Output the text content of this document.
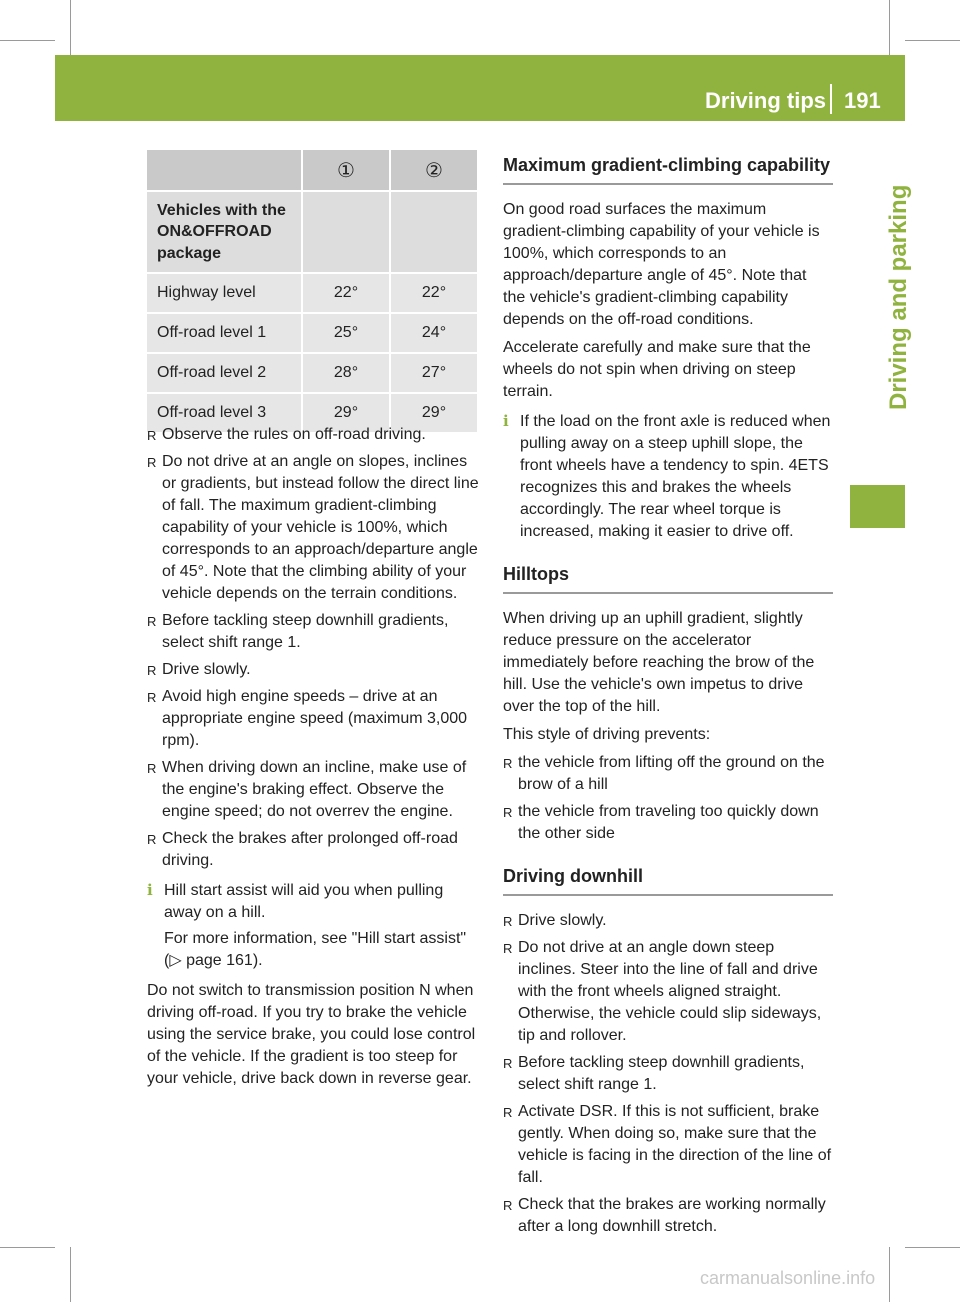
Driving tips 191
Driving and parking
	①	②
Vehicles with the ON&OFFROAD package		
Highway level	22°	22°
Off-road level 1	25°	24°
Off-road level 2	28°	27°
Off-road level 3	29°	29°
R Observe the rules on off-road driving.
R Do not drive at an angle on slopes, inclines or gradients, but instead follow the direct line of fall. The maximum gradient-climbing capability of your vehicle is 100%, which corresponds to an approach/departure angle of 45°. Note that the climbing ability of your vehicle depends on the terrain conditions.
R Before tackling steep downhill gradients, select shift range 1.
R Drive slowly.
R Avoid high engine speeds – drive at an appropriate engine speed (maximum 3,000 rpm).
R When driving down an incline, make use of the engine's braking effect. Observe the engine speed; do not overrev the engine.
R Check the brakes after prolonged off-road driving.
i Hill start assist will aid you when pulling away on a hill.
For more information, see "Hill start assist" (▷ page 161).
Do not switch to transmission position N when driving off-road. If you try to brake the vehicle using the service brake, you could lose control of the vehicle. If the gradient is too steep for your vehicle, drive back down in reverse gear.
Maximum gradient-climbing capability
On good road surfaces the maximum gradient-climbing capability of your vehicle is 100%, which corresponds to an approach/departure angle of 45°. Note that the vehicle's gradient-climbing capability depends on the off-road conditions.
Accelerate carefully and make sure that the wheels do not spin when driving on steep terrain.
i If the load on the front axle is reduced when pulling away on a steep uphill slope, the front wheels have a tendency to spin. 4ETS recognizes this and brakes the wheels accordingly. The rear wheel torque is increased, making it easier to drive off.
Hilltops
When driving up an uphill gradient, slightly reduce pressure on the accelerator immediately before reaching the brow of the hill. Use the vehicle's own impetus to drive over the top of the hill.
This style of driving prevents:
R the vehicle from lifting off the ground on the brow of a hill
R the vehicle from traveling too quickly down the other side
Driving downhill
R Drive slowly.
R Do not drive at an angle down steep inclines. Steer into the line of fall and drive with the front wheels aligned straight. Otherwise, the vehicle could slip sideways, tip and rollover.
R Before tackling steep downhill gradients, select shift range 1.
R Activate DSR. If this is not sufficient, brake gently. When doing so, make sure that the vehicle is facing in the direction of the line of fall.
R Check that the brakes are working normally after a long downhill stretch.
carmanualsonline.info
